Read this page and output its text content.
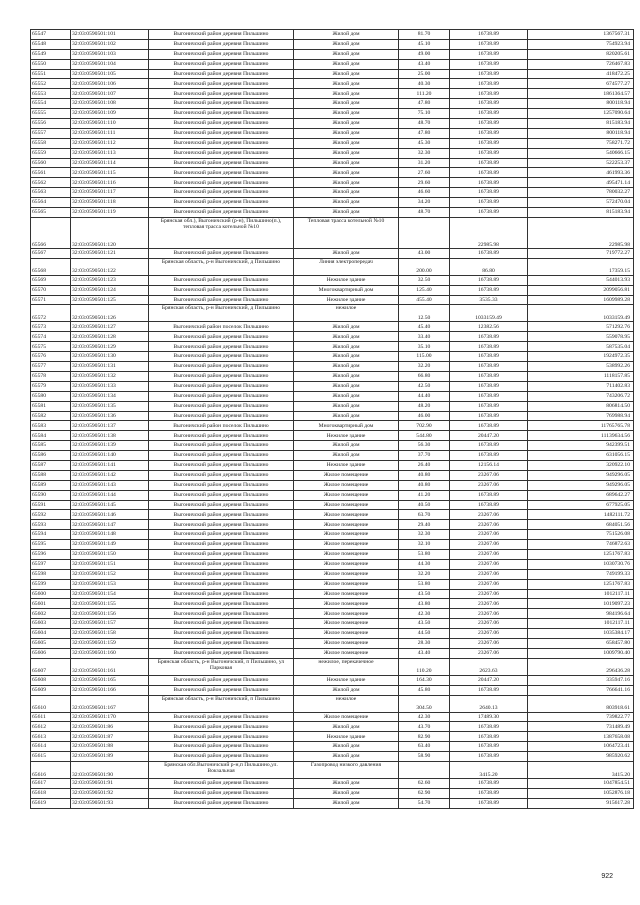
65547	32:03:0590501:101	Выгоничский район деревня Пильшино	Жилой дом	81.70	16738.89	1367567.31
65548	32:03:0590501:102	Выгоничский район деревня Пильшино	Жилой дом	45.10	16738.89	754923.94
65549	32:03:0590501:103	Выгоничский район деревня Пильшино	Жилой дом	49.00	16738.89	820205.61
65550	32:03:0590501:104	Выгоничский район деревня Пильшино	Жилой дом	43.40	16738.89	726467.83
65551	32:03:0590501:105	Выгоничский район деревня Пильшино	Жилой дом	25.00	16738.89	418472.25
65552	32:03:0590501:106	Выгоничский район деревня Пильшино	Жилой дом	40.30	16738.89	674577.27
65553	32:03:0590501:107	Выгоничский район деревня Пильшино	Жилой дом	111.20	16738.89	1861364.57
65554	32:03:0590501:108	Выгоничский район деревня Пильшино	Жилой дом	47.80	16738.89	800118.94
65555	32:03:0590501:109	Выгоничский район деревня Пильшино	Жилой дом	75.10	16738.89	1257090.64
65556	32:03:0590501:110	Выгоничский район деревня Пильшино	Жилой дом	48.70	16738.89	815183.94
65557	32:03:0590501:111	Выгоничский район деревня Пильшино	Жилой дом	47.80	16738.89	800118.94
65558	32:03:0590501:112	Выгоничский район деревня Пильшино	Жилой дом	45.30	16738.89	758271.72
65559	32:03:0590501:113	Выгоничский район деревня Пильшино	Жилой дом	32.30	16738.89	540666.15
65560	32:03:0590501:114	Выгоничский район деревня Пильшино	Жилой дом	31.20	16738.89	522253.37
65561	32:03:0590501:115	Выгоничский район деревня Пильшино	Жилой дом	27.60	16738.89	461993.36
65562	32:03:0590501:116	Выгоничский район деревня Пильшино	Жилой дом	29.60	16738.89	495471.14
65563	32:03:0590501:117	Выгоничский район деревня Пильшино	Жилой дом	46.60	16738.89	780032.27
65564	32:03:0590501:118	Выгоничский район деревня Пильшино	Жилой дом	34.20	16738.89	572470.04
65565	32:03:0590501:119	Выгоничский район деревня Пильшино	Жилой дом	48.70	16738.89	815183.94
65566	32:03:0590501:120	Брянская обл.), Выгоничский (р-н), Пильшино(п.), тепловая трасса котельной №10	Тепловая трасса котельной №10		22985.98	22985.98
65567	32:03:0590501:121	Выгоничский район деревня Пильшино	Жилой дом	43.00	16738.89	719772.27
65568	32:03:0590501:122	Брянская область, р-н Выгоничский, д Пильшино	Линия электропередач	200.00	86.80	17359.15
65569	32:03:0590501:123	Выгоничский район деревня Пильшино	Нежилое здание	32.50	16738.89	544013.93
65570	32:03:0590501:124	Выгоничский район деревня Пильшино	Многоквартирный дом	125.40	16738.89	2099056.81
65571	32:03:0590501:125	Выгоничский район деревня Пильшино	Нежилое здание	455.40	3535.33	1609989.28
65572	32:03:0590501:126	Брянская область, р-н Выгоничский, д Пильшино	нежилое	12.50	1033159.49	1033159.49
65573	32:03:0590501:127	Выгоничский район поселок Пильшино	Жилой дом	45.40	12382.56	571292.76
65574	32:03:0590501:128	Выгоничский район деревня Пильшино	Жилой дом	33.40	16738.89	559078.95
65575	32:03:0590501:129	Выгоничский район деревня Пильшино	Жилой дом	35.10	16738.89	587535.04
65576	32:03:0590501:130	Выгоничский район деревня Пильшино	Жилой дом	115.00	16738.89	1924972.35
65577	32:03:0590501:131	Выгоничский район деревня Пильшино	Жилой дом	32.20	16738.89	538992.26
65578	32:03:0590501:132	Выгоничский район деревня Пильшино	Жилой дом	66.80	16738.89	1118157.85
65579	32:03:0590501:133	Выгоничский район деревня Пильшино	Жилой дом	42.50	16738.89	711402.83
65580	32:03:0590501:134	Выгоничский район деревня Пильшино	Жилой дом	44.40	16738.89	743206.72
65581	32:03:0590501:135	Выгоничский район деревня Пильшино	Жилой дом	48.20	16738.89	806814.50
65582	32:03:0590501:136	Выгоничский район деревня Пильшино	Жилой дом	46.00	16738.89	769988.94
65583	32:03:0590501:137	Выгоничский район поселок Пильшино	Многоквартирный дом	702.90	16738.89	11765765.78
65584	32:03:0590501:138	Выгоничский район деревня Пильшино	Нежилое здание	544.80	20447.20	11139634.56
65585	32:03:0590501:139	Выгоничский район деревня Пильшино	Жилой дом	56.30	16738.89	942399.51
65586	32:03:0590501:140	Выгоничский район деревня Пильшино	Жилой дом	37.70	16738.89	631056.15
65587	32:03:0590501:141	Выгоничский район деревня Пильшино	Нежилое здание	26.40	12156.14	320922.10
65588	32:03:0590501:142	Выгоничский район деревня Пильшино	Жилое помещение	40.80	23267.06	949296.05
65589	32:03:0590501:143	Выгоничский район деревня Пильшино	Жилое помещение	40.80	23267.06	949296.05
65590	32:03:0590501:144	Выгоничский район деревня Пильшино	Жилое помещение	41.20	16738.89	689642.27
65591	32:03:0590501:145	Выгоничский район деревня Пильшино	Жилое помещение	40.50	16738.89	677925.05
65592	32:03:0590501:146	Выгоничский район деревня Пильшино	Жилое помещение	63.70	23267.06	1482111.72
65593	32:03:0590501:147	Выгоничский район деревня Пильшино	Жилое помещение	29.40	23267.06	684051.56
65594	32:03:0590501:148	Выгоничский район деревня Пильшино	Жилое помещение	32.30	23267.06	751526.08
65595	32:03:0590501:149	Выгоничский район деревня Пильшино	Жилое помещение	32.10	23267.06	746872.63
65596	32:03:0590501:150	Выгоничский район деревня Пильшино	Жилое помещение	53.80	23267.06	1251767.83
65597	32:03:0590501:151	Выгоничский район деревня Пильшино	Жилое помещение	44.30	23267.06	1030730.76
65598	32:03:0590501:152	Выгоничский район деревня Пильшино	Жилое помещение	32.20	23267.06	749199.33
65599	32:03:0590501:153	Выгоничский район деревня Пильшино	Жилое помещение	53.80	23267.06	1251767.83
65600	32:03:0590501:154	Выгоничский район деревня Пильшино	Жилое помещение	43.50	23267.06	1012117.11
65601	32:03:0590501:155	Выгоничский район деревня Пильшино	Жилое помещение	43.80	23267.06	1019097.23
65602	32:03:0590501:156	Выгоничский район деревня Пильшино	Жилое помещение	42.30	23267.06	984196.64
65603	32:03:0590501:157	Выгоничский район деревня Пильшино	Жилое помещение	43.50	23267.06	1012117.11
65604	32:03:0590501:158	Выгоничский район деревня Пильшино	Жилое помещение	44.50	23267.06	1035384.17
65605	32:03:0590501:159	Выгоничский район деревня Пильшино	Жилое помещение	28.30	23267.06	658457.80
65606	32:03:0590501:160	Выгоничский район деревня Пильшино	Жилое помещение	43.40	23267.06	1009790.40
65607	32:03:0590501:161	Брянская область, р-н Выгоничский, п Пильшино, ул Парковая	нежилое, перекачечное	110.20	2623.63	296436.28
65608	32:03:0590501:165	Выгоничский район деревня Пильшино	Нежилое здание	164.30	20447.20	335947.16
65609	32:03:0590501:166	Выгоничский район деревня Пильшино	Жилой дом	45.80	16738.89	766641.16
65610	32:03:0590501:167	Брянская область, р-н Выгоничский, п Пильшино	нежилое	304.50	2640.13	803918.61
65611	32:03:0590501:170	Выгоничский район деревня Пильшино	Жилое помещение	42.30	17489.30	739822.77
65612	32:03:0590501:86	Выгоничский район деревня Пильшино	Жилой дом	43.70	16738.89	731489.49
65613	32:03:0590501:87	Выгоничский район деревня Пильшино	Нежилое здание	82.90	16738.89	1387658.08
65614	32:03:0590501:88	Выгоничский район деревня Пильшино	Жилой дом	63.40	16738.89	1064723.41
65615	32:03:0590501:89	Выгоничский район деревня Пильшино	Жилой дом	58.90	16738.89	985920.62
65616	32:03:0590501:90	Брянская обл.Выгоничский р-н,п Пильшино,ул. Вокзальная	Газопровод низкого давления		3415.20	3415.20
65617	32:03:0590501:91	Выгоничский район деревня Пильшино	Жилой дом	62.60	16738.89	1047854.51
65618	32:03:0590501:92	Выгоничский район деревня Пильшино	Жилой дом	62.90	16738.89	1052876.18
65619	32:03:0590501:93	Выгоничский район деревня Пильшино	Жилой дом	54.70	16738.89	915617.28
922
